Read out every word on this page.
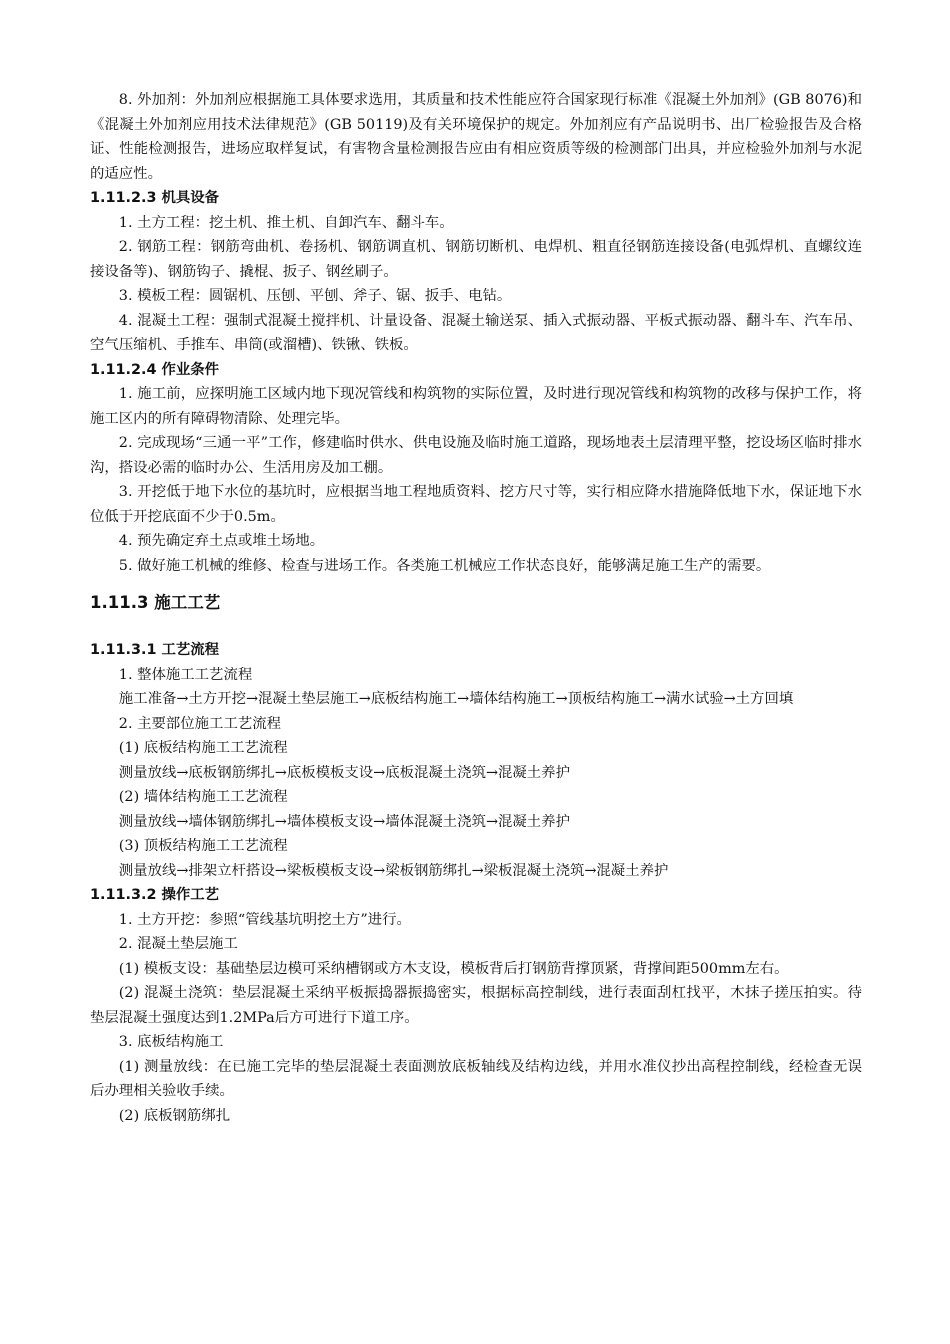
8. 外加剂：外加剂应根据施工具体要求选用，其质量和技术性能应符合国家现行标准《混凝土外加剂》(GB 8076)和《混凝土外加剂应用技术法律规范》(GB 50119)及有关环境保护的规定。外加剂应有产品说明书、出厂检验报告及合格证、性能检测报告，进场应取样复试，有害物含量检测报告应由有相应资质等级的检测部门出具，并应检验外加剂与水泥的适应性。

1.11.2.3 机具设备

1. 土方工程：挖土机、推土机、自卸汽车、翻斗车。

2. 钢筋工程：钢筋弯曲机、卷扬机、钢筋调直机、钢筋切断机、电焊机、粗直径钢筋连接设备(电弧焊机、直螺纹连接设备等)、钢筋钩子、撬棍、扳子、钢丝刷子。

3. 模板工程：圆锯机、压刨、平刨、斧子、锯、扳手、电钻。

4. 混凝土工程：强制式混凝土搅拌机、计量设备、混凝土输送泵、插入式振动器、平板式振动器、翻斗车、汽车吊、空气压缩机、手推车、串筒(或溜槽)、铁锹、铁板。

1.11.2.4 作业条件

1. 施工前，应探明施工区域内地下现况管线和构筑物的实际位置，及时进行现况管线和构筑物的改移与保护工作，将施工区内的所有障碍物清除、处理完毕。

2. 完成现场“三通一平”工作，修建临时供水、供电设施及临时施工道路，现场地表土层清理平整，挖设场区临时排水沟，搭设必需的临时办公、生活用房及加工棚。

3. 开挖低于地下水位的基坑时，应根据当地工程地质资料、挖方尺寸等，实行相应降水措施降低地下水，保证地下水位低于开挖底面不少于0.5m。

4. 预先确定弃土点或堆土场地。

5. 做好施工机械的维修、检查与进场工作。各类施工机械应工作状态良好，能够满足施工生产的需要。

1.11.3 施工工艺

1.11.3.1 工艺流程

1. 整体施工工艺流程

施工准备→土方开挖→混凝土垫层施工→底板结构施工→墙体结构施工→顶板结构施工→满水试验→土方回填

2. 主要部位施工工艺流程

(1) 底板结构施工工艺流程

测量放线→底板钢筋绑扎→底板模板支设→底板混凝土浇筑→混凝土养护

(2) 墙体结构施工工艺流程

测量放线→墙体钢筋绑扎→墙体模板支设→墙体混凝土浇筑→混凝土养护

(3) 顶板结构施工工艺流程

测量放线→排架立杆搭设→梁板模板支设→梁板钢筋绑扎→梁板混凝土浇筑→混凝土养护

1.11.3.2 操作工艺

1. 土方开挖：参照“管线基坑明挖土方”进行。

2. 混凝土垫层施工

(1) 模板支设：基础垫层边模可采纳槽钢或方木支设，模板背后打钢筋背撑顶紧，背撑间距500mm左右。

(2) 混凝土浇筑：垫层混凝土采纳平板振捣器振捣密实，根据标高控制线，进行表面刮杠找平，木抹子搓压拍实。待垫层混凝土强度达到1.2MPa后方可进行下道工序。

3. 底板结构施工

(1) 测量放线：在已施工完毕的垫层混凝土表面测放底板轴线及结构边线，并用水准仪抄出高程控制线，经检查无误后办理相关验收手续。

(2) 底板钢筋绑扎
